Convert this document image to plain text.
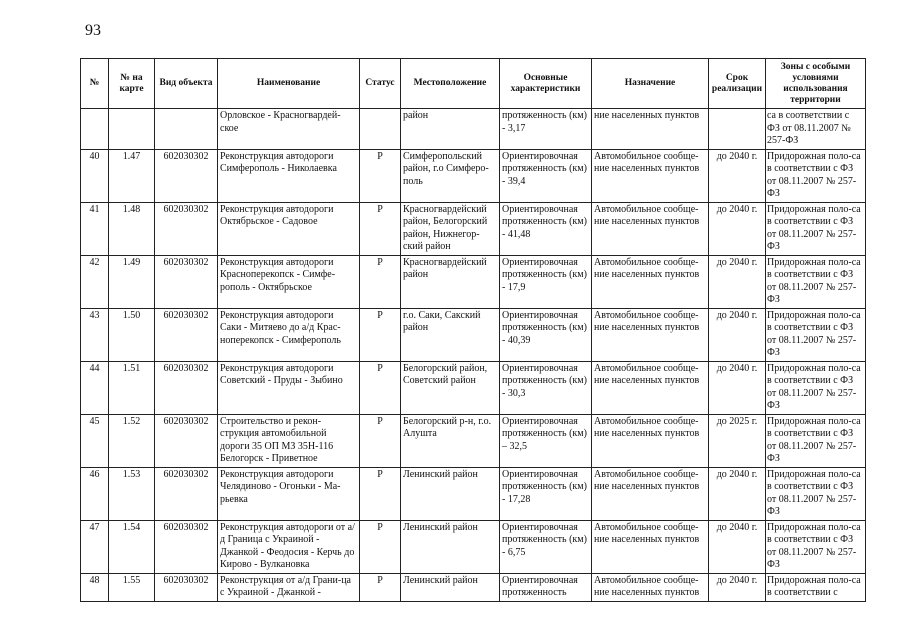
93
№	№ на карте	Вид объекта	Наименование	Статус	Местоположение	Основные характеристики	Назначение	Срок реализации	Зоны с особыми условиями использования территории
			Орловское - Красногвардей-ское		район	протяженность (км) - 3,17	ние населенных пунктов		са в соответствии с ФЗ от 08.11.2007 № 257-ФЗ
40	1.47	602030302	Реконструкция автодороги Симферополь - Николаевка	Р	Симферопольский район, г.о Симферо-поль	Ориентировочная протяженность (км) - 39,4	Автомобильное сообще-ние населенных пунктов	до 2040 г.	Придорожная поло-са в соответствии с ФЗ от 08.11.2007 № 257-ФЗ
41	1.48	602030302	Реконструкция автодороги Октябрьское - Садовое	Р	Красногвардейский район, Белогорский район, Нижнегор-ский район	Ориентировочная протяженность (км) - 41,48	Автомобильное сообще-ние населенных пунктов	до 2040 г.	Придорожная поло-са в соответствии с ФЗ от 08.11.2007 № 257-ФЗ
42	1.49	602030302	Реконструкция автодороги Красноперекопск - Симфе-рополь - Октябрьское	Р	Красногвардейский район	Ориентировочная протяженность (км) - 17,9	Автомобильное сообще-ние населенных пунктов	до 2040 г.	Придорожная поло-са в соответствии с ФЗ от 08.11.2007 № 257-ФЗ
43	1.50	602030302	Реконструкция автодороги Саки - Митяево до а/д Крас-ноперекопск - Симферополь	Р	г.о. Саки, Сакский район	Ориентировочная протяженность (км) - 40,39	Автомобильное сообще-ние населенных пунктов	до 2040 г.	Придорожная поло-са в соответствии с ФЗ от 08.11.2007 № 257-ФЗ
44	1.51	602030302	Реконструкция автодороги Советский - Пруды - Зыбино	Р	Белогорский район, Советский район	Ориентировочная протяженность (км) - 30,3	Автомобильное сообще-ние населенных пунктов	до 2040 г.	Придорожная поло-са в соответствии с ФЗ от 08.11.2007 № 257-ФЗ
45	1.52	602030302	Строительство и рекон-струкция автомобильной дороги 35 ОП МЗ 35Н-116 Белогорск - Приветное	Р	Белогорский р-н, г.о. Алушта	Ориентировочная протяженность (км) – 32,5	Автомобильное сообще-ние населенных пунктов	до 2025 г.	Придорожная поло-са в соответствии с ФЗ от 08.11.2007 № 257-ФЗ
46	1.53	602030302	Реконструкция автодороги Челядиново - Огоньки - Ма-рьевка	Р	Ленинский район	Ориентировочная протяженность (км) - 17,28	Автомобильное сообще-ние населенных пунктов	до 2040 г.	Придорожная поло-са в соответствии с ФЗ от 08.11.2007 № 257-ФЗ
47	1.54	602030302	Реконструкция автодороги от а/д Граница с Украиной - Джанкой - Феодосия - Керчь до Кирово - Вулкановка	Р	Ленинский район	Ориентировочная протяженность (км) - 6,75	Автомобильное сообще-ние населенных пунктов	до 2040 г.	Придорожная поло-са в соответствии с ФЗ от 08.11.2007 № 257-ФЗ
48	1.55	602030302	Реконструкция от а/д Грани-ца с Украиной - Джанкой -	Р	Ленинский район	Ориентировочная протяженность	Автомобильное сообще-ние населенных пунктов	до 2040 г.	Придорожная поло-са в соответствии с
